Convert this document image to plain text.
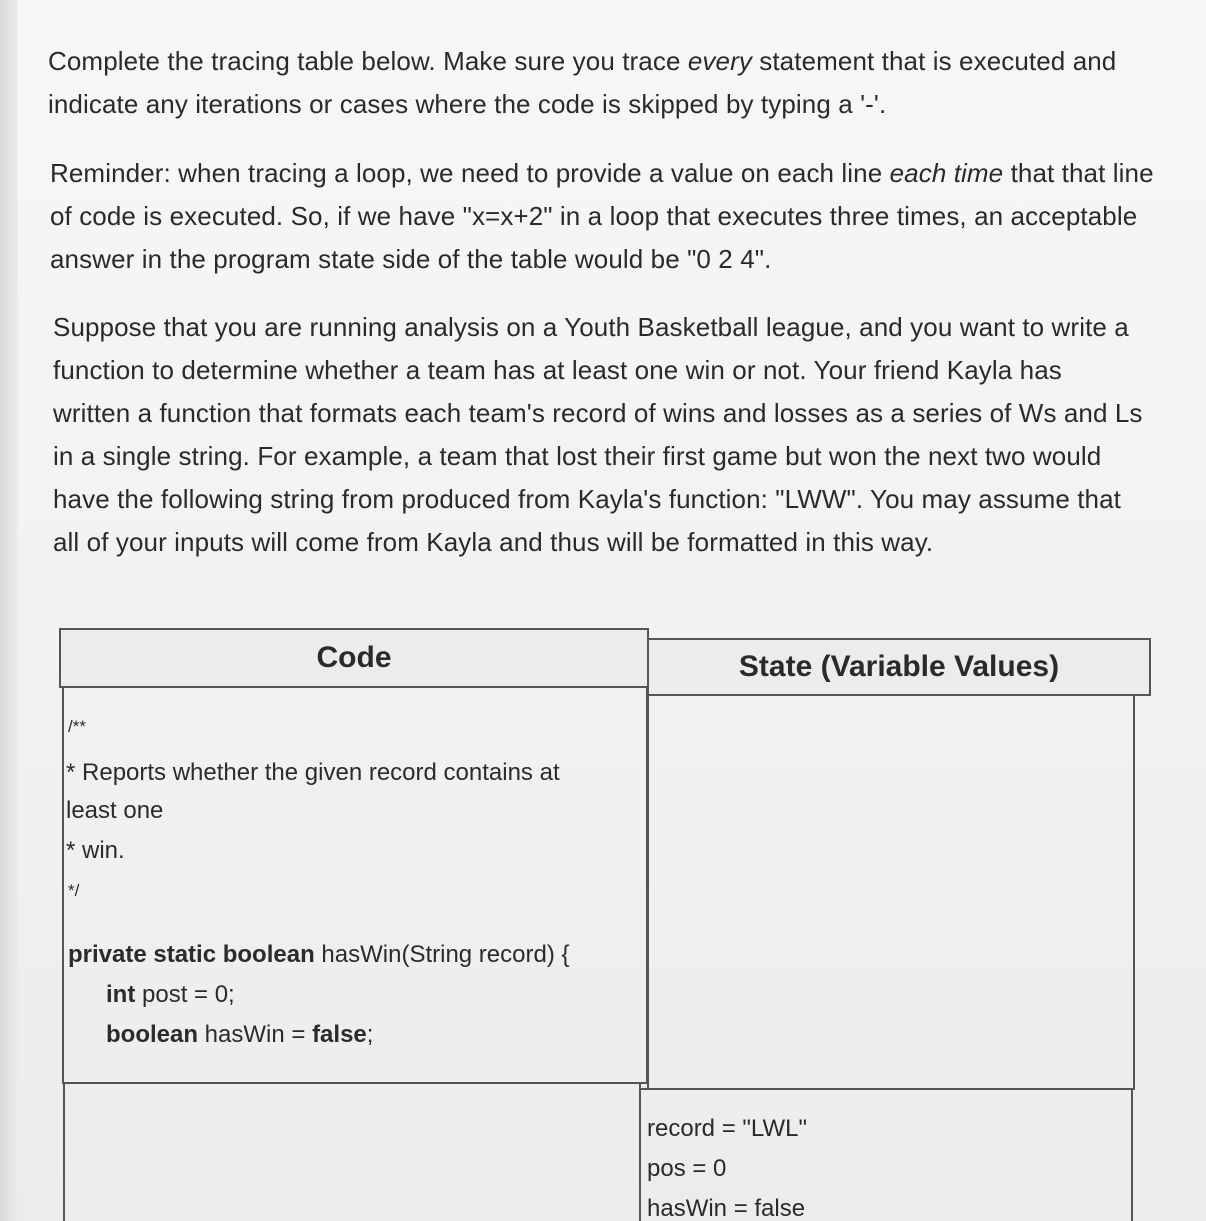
Complete the tracing table below. Make sure you trace every statement that is executed and indicate any iterations or cases where the code is skipped by typing a '-'.

Reminder: when tracing a loop, we need to provide a value on each line each time that that line of code is executed. So, if we have "x=x+2" in a loop that executes three times, an acceptable answer in the program state side of the table would be "0 2 4".

Suppose that you are running analysis on a Youth Basketball league, and you want to write a function to determine whether a team has at least one win or not. Your friend Kayla has written a function that formats each team's record of wins and losses as a series of Ws and Ls in a single string. For example, a team that lost their first game but won the next two would have the following string from produced from Kayla's function: "LWW". You may assume that all of your inputs will come from Kayla and thus will be formatted in this way.

Code	State (Variable Values)
/**
* Reports whether the given record contains at
least one
* win.
*/
private static boolean hasWin(String record) {
int post = 0;
boolean hasWin = false;
record = "LWL"
pos = 0
hasWin = false
